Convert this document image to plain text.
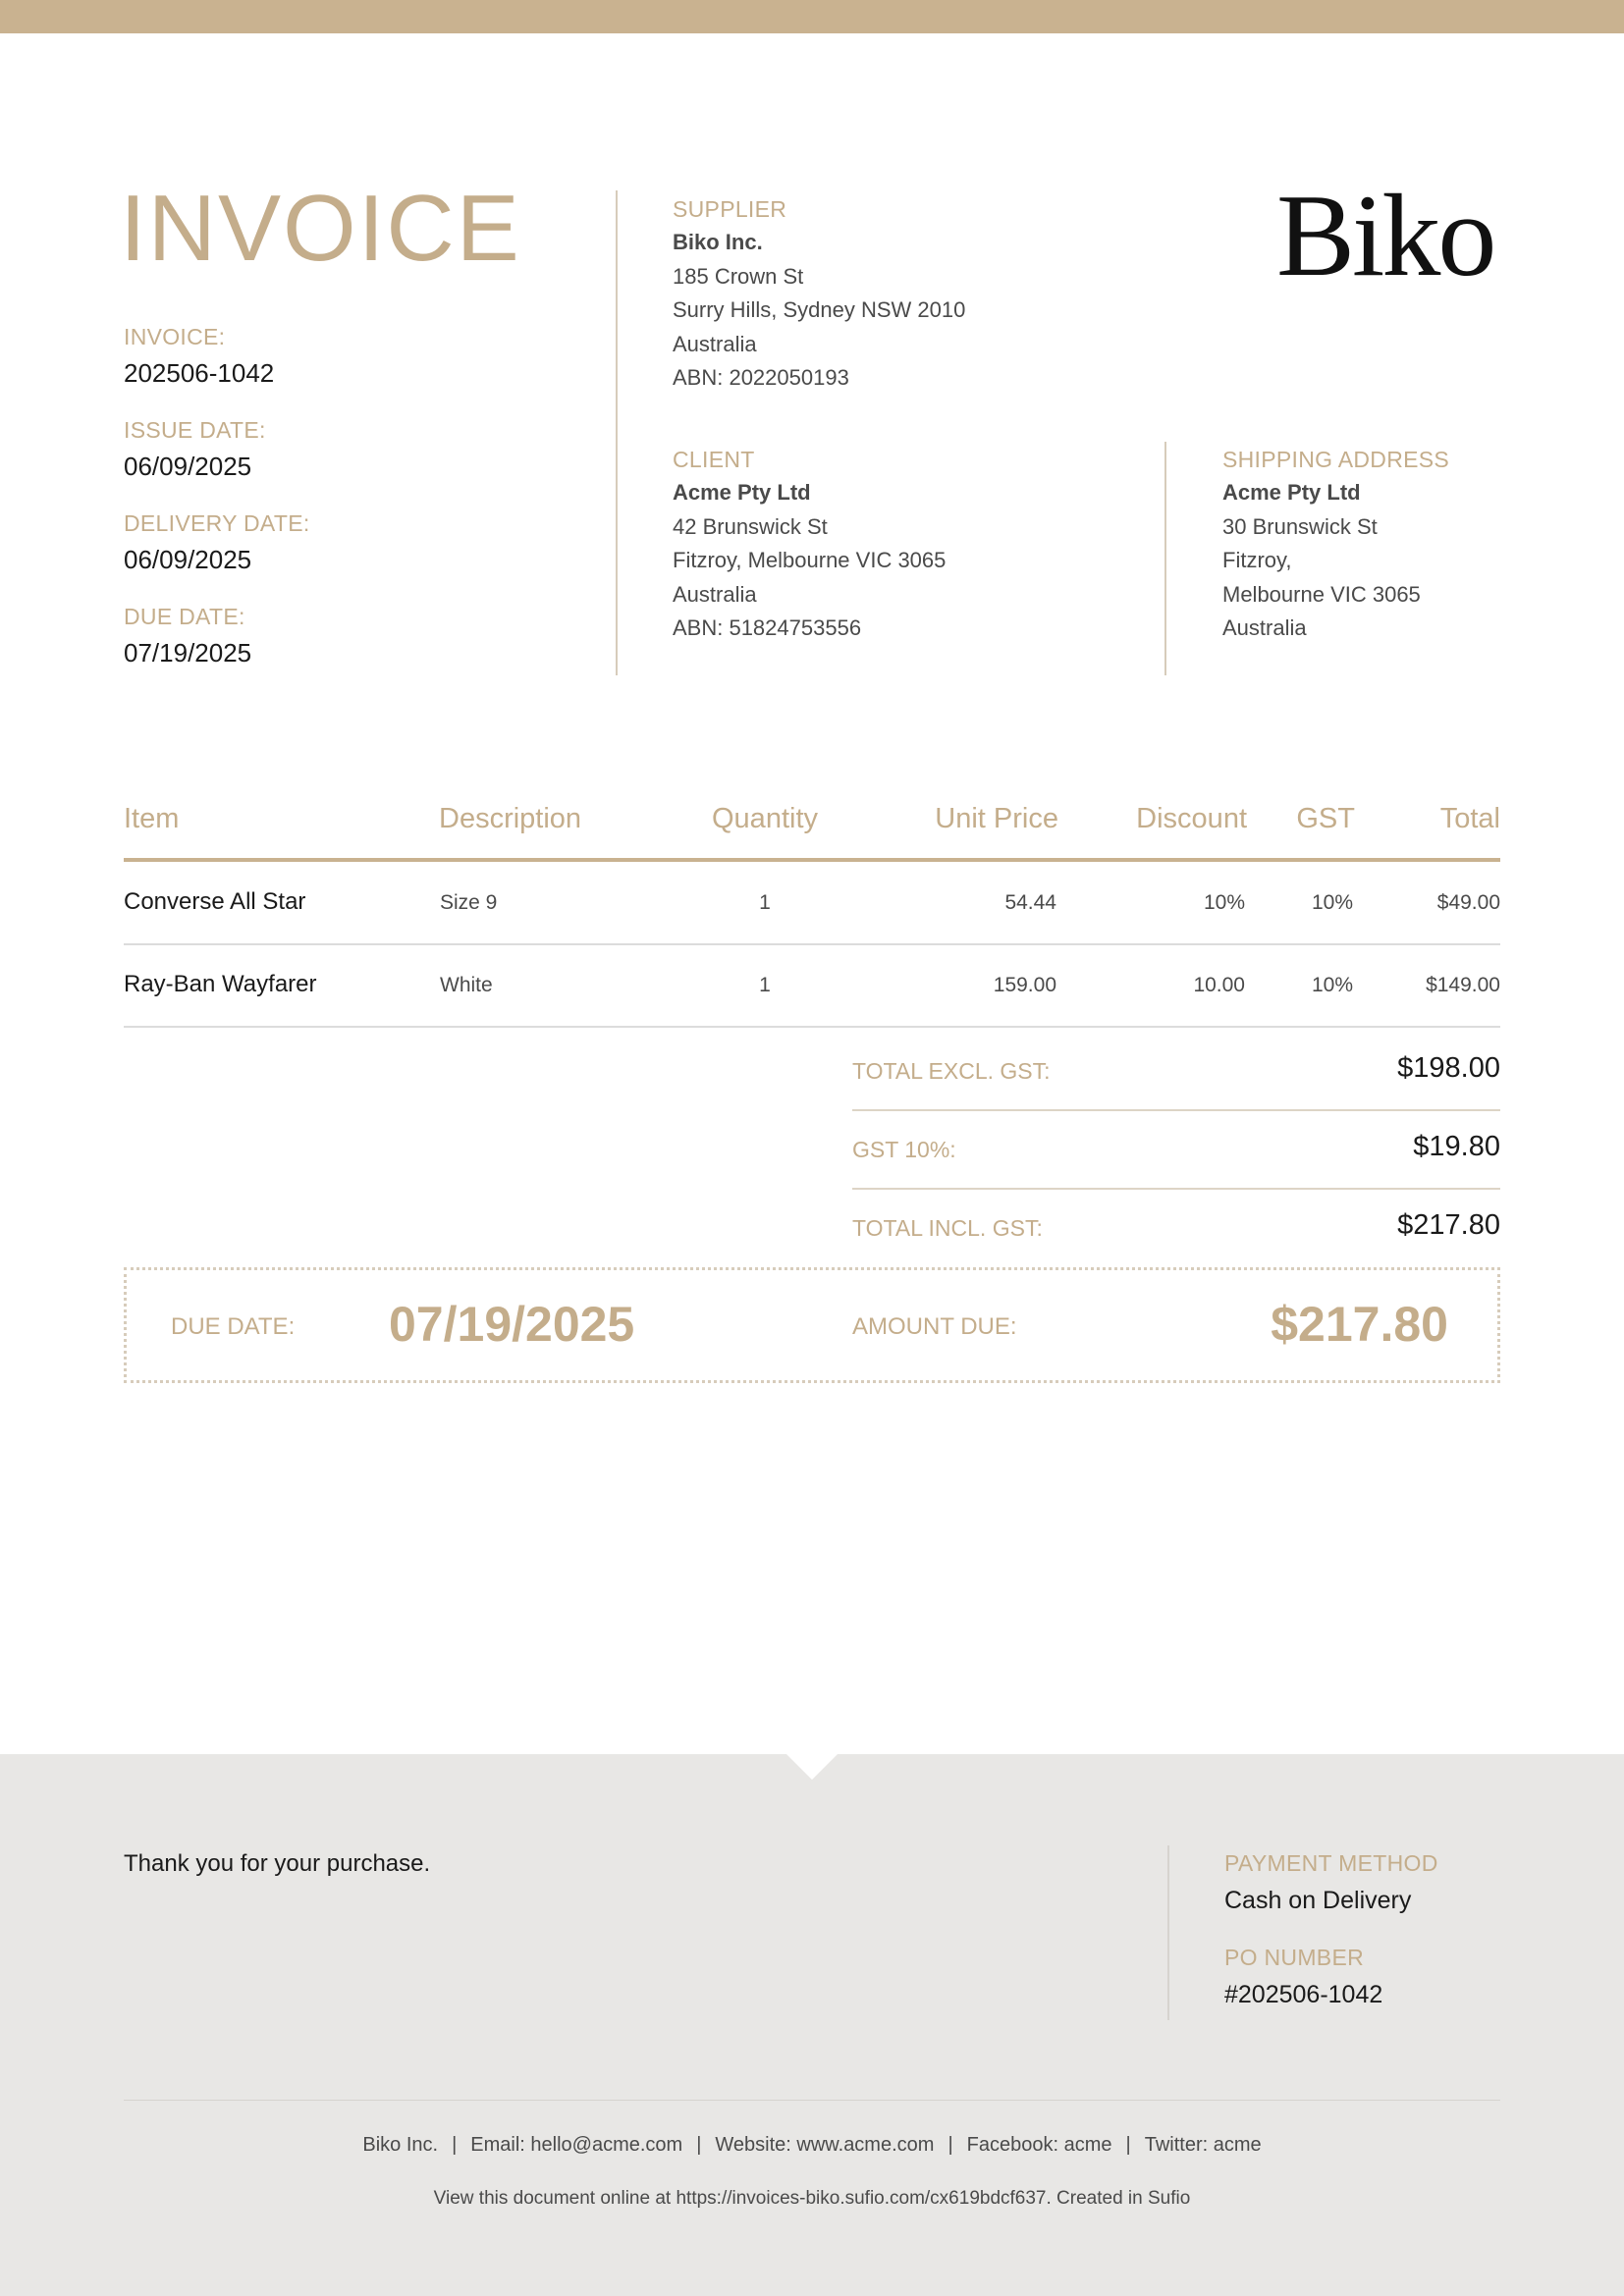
INVOICE
INVOICE:
202506-1042
ISSUE DATE:
06/09/2025
DELIVERY DATE:
06/09/2025
DUE DATE:
07/19/2025
SUPPLIER
Biko Inc.
185 Crown St
Surry Hills, Sydney NSW 2010
Australia
ABN: 2022050193
Biko
CLIENT
Acme Pty Ltd
42 Brunswick St
Fitzroy, Melbourne VIC 3065
Australia
ABN: 51824753556
SHIPPING ADDRESS
Acme Pty Ltd
30 Brunswick St
Fitzroy,
Melbourne VIC 3065
Australia
Item	Description	Quantity	Unit Price	Discount	GST	Total
Converse All Star	Size 9	1	54.44	10%	10%	$49.00
Ray-Ban Wayfarer	White	1	159.00	10.00	10%	$149.00
TOTAL EXCL. GST:	$198.00
GST 10%:	$19.80
TOTAL INCL. GST:	$217.80
DUE DATE: 07/19/2025	AMOUNT DUE:	$217.80
Thank you for your purchase.	PAYMENT METHOD
Cash on Delivery
PO NUMBER
#202506-1042
Biko Inc. | Email: hello@acme.com | Website: www.acme.com | Facebook: acme | Twitter: acme
View this document online at https://invoices-biko.sufio.com/cx619bdcf637. Created in Sufio
